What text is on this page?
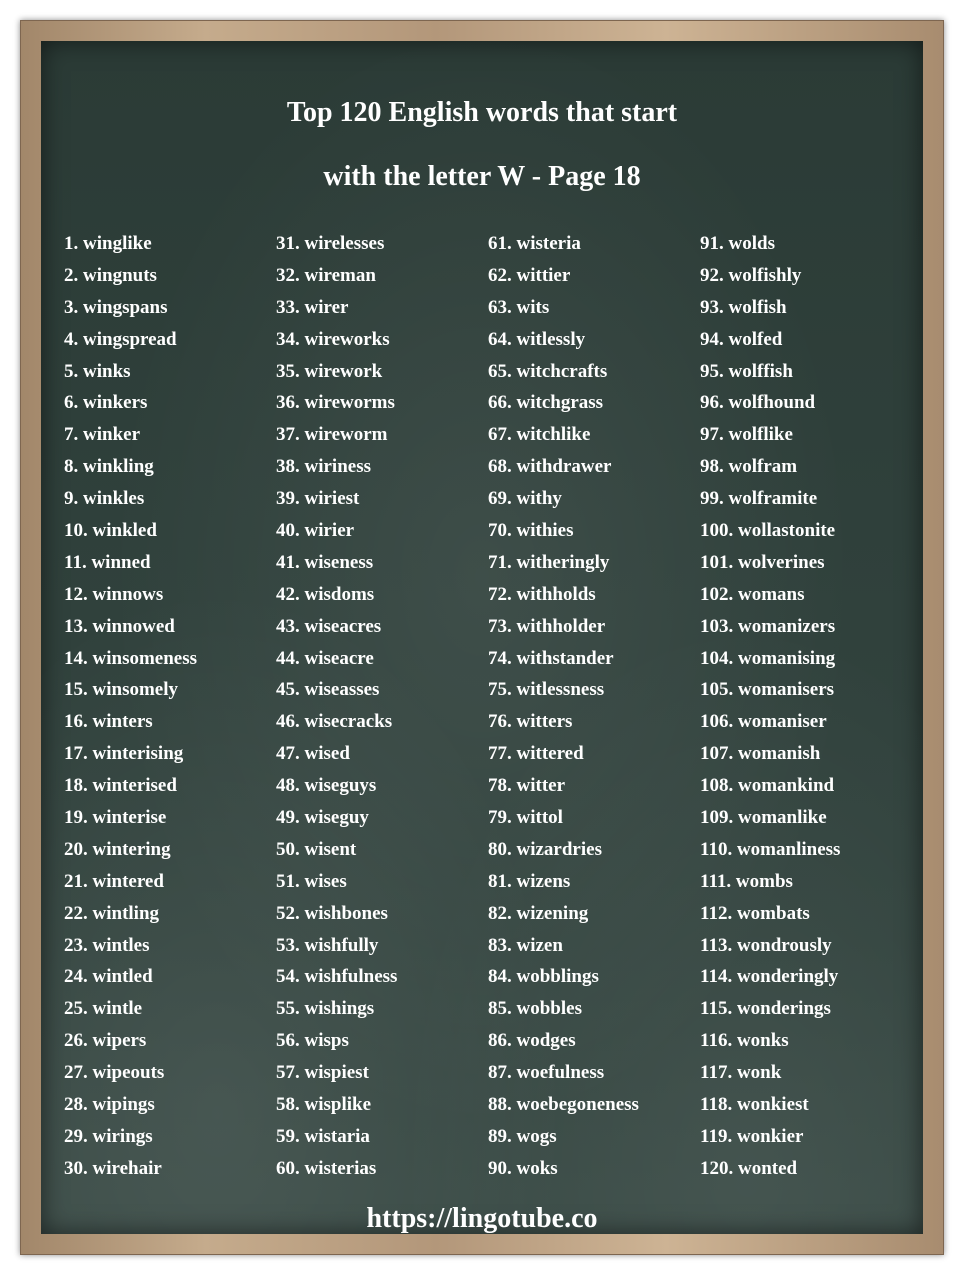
Top 120 English words that start
with the letter W - Page 18
1. winglike
2. wingnuts
3. wingspans
4. wingspread
5. winks
6. winkers
7. winker
8. winkling
9. winkles
10. winkled
11. winned
12. winnows
13. winnowed
14. winsomeness
15. winsomely
16. winters
17. winterising
18. winterised
19. winterise
20. wintering
21. wintered
22. wintling
23. wintles
24. wintled
25. wintle
26. wipers
27. wipeouts
28. wipings
29. wirings
30. wirehair
31. wirelesses
32. wireman
33. wirer
34. wireworks
35. wirework
36. wireworms
37. wireworm
38. wiriness
39. wiriest
40. wirier
41. wiseness
42. wisdoms
43. wiseacres
44. wiseacre
45. wiseasses
46. wisecracks
47. wised
48. wiseguys
49. wiseguy
50. wisent
51. wises
52. wishbones
53. wishfully
54. wishfulness
55. wishings
56. wisps
57. wispiest
58. wisplike
59. wistaria
60. wisterias
61. wisteria
62. wittier
63. wits
64. witlessly
65. witchcrafts
66. witchgrass
67. witchlike
68. withdrawer
69. withy
70. withies
71. witheringly
72. withholds
73. withholder
74. withstander
75. witlessness
76. witters
77. wittered
78. witter
79. wittol
80. wizardries
81. wizens
82. wizening
83. wizen
84. wobblings
85. wobbles
86. wodges
87. woefulness
88. woebegoneness
89. wogs
90. woks
91. wolds
92. wolfishly
93. wolfish
94. wolfed
95. wolffish
96. wolfhound
97. wolflike
98. wolfram
99. wolframite
100. wollastonite
101. wolverines
102. womans
103. womanizers
104. womanising
105. womanisers
106. womaniser
107. womanish
108. womankind
109. womanlike
110. womanliness
111. wombs
112. wombats
113. wondrously
114. wonderingly
115. wonderings
116. wonks
117. wonk
118. wonkiest
119. wonkier
120. wonted
https://lingotube.co
